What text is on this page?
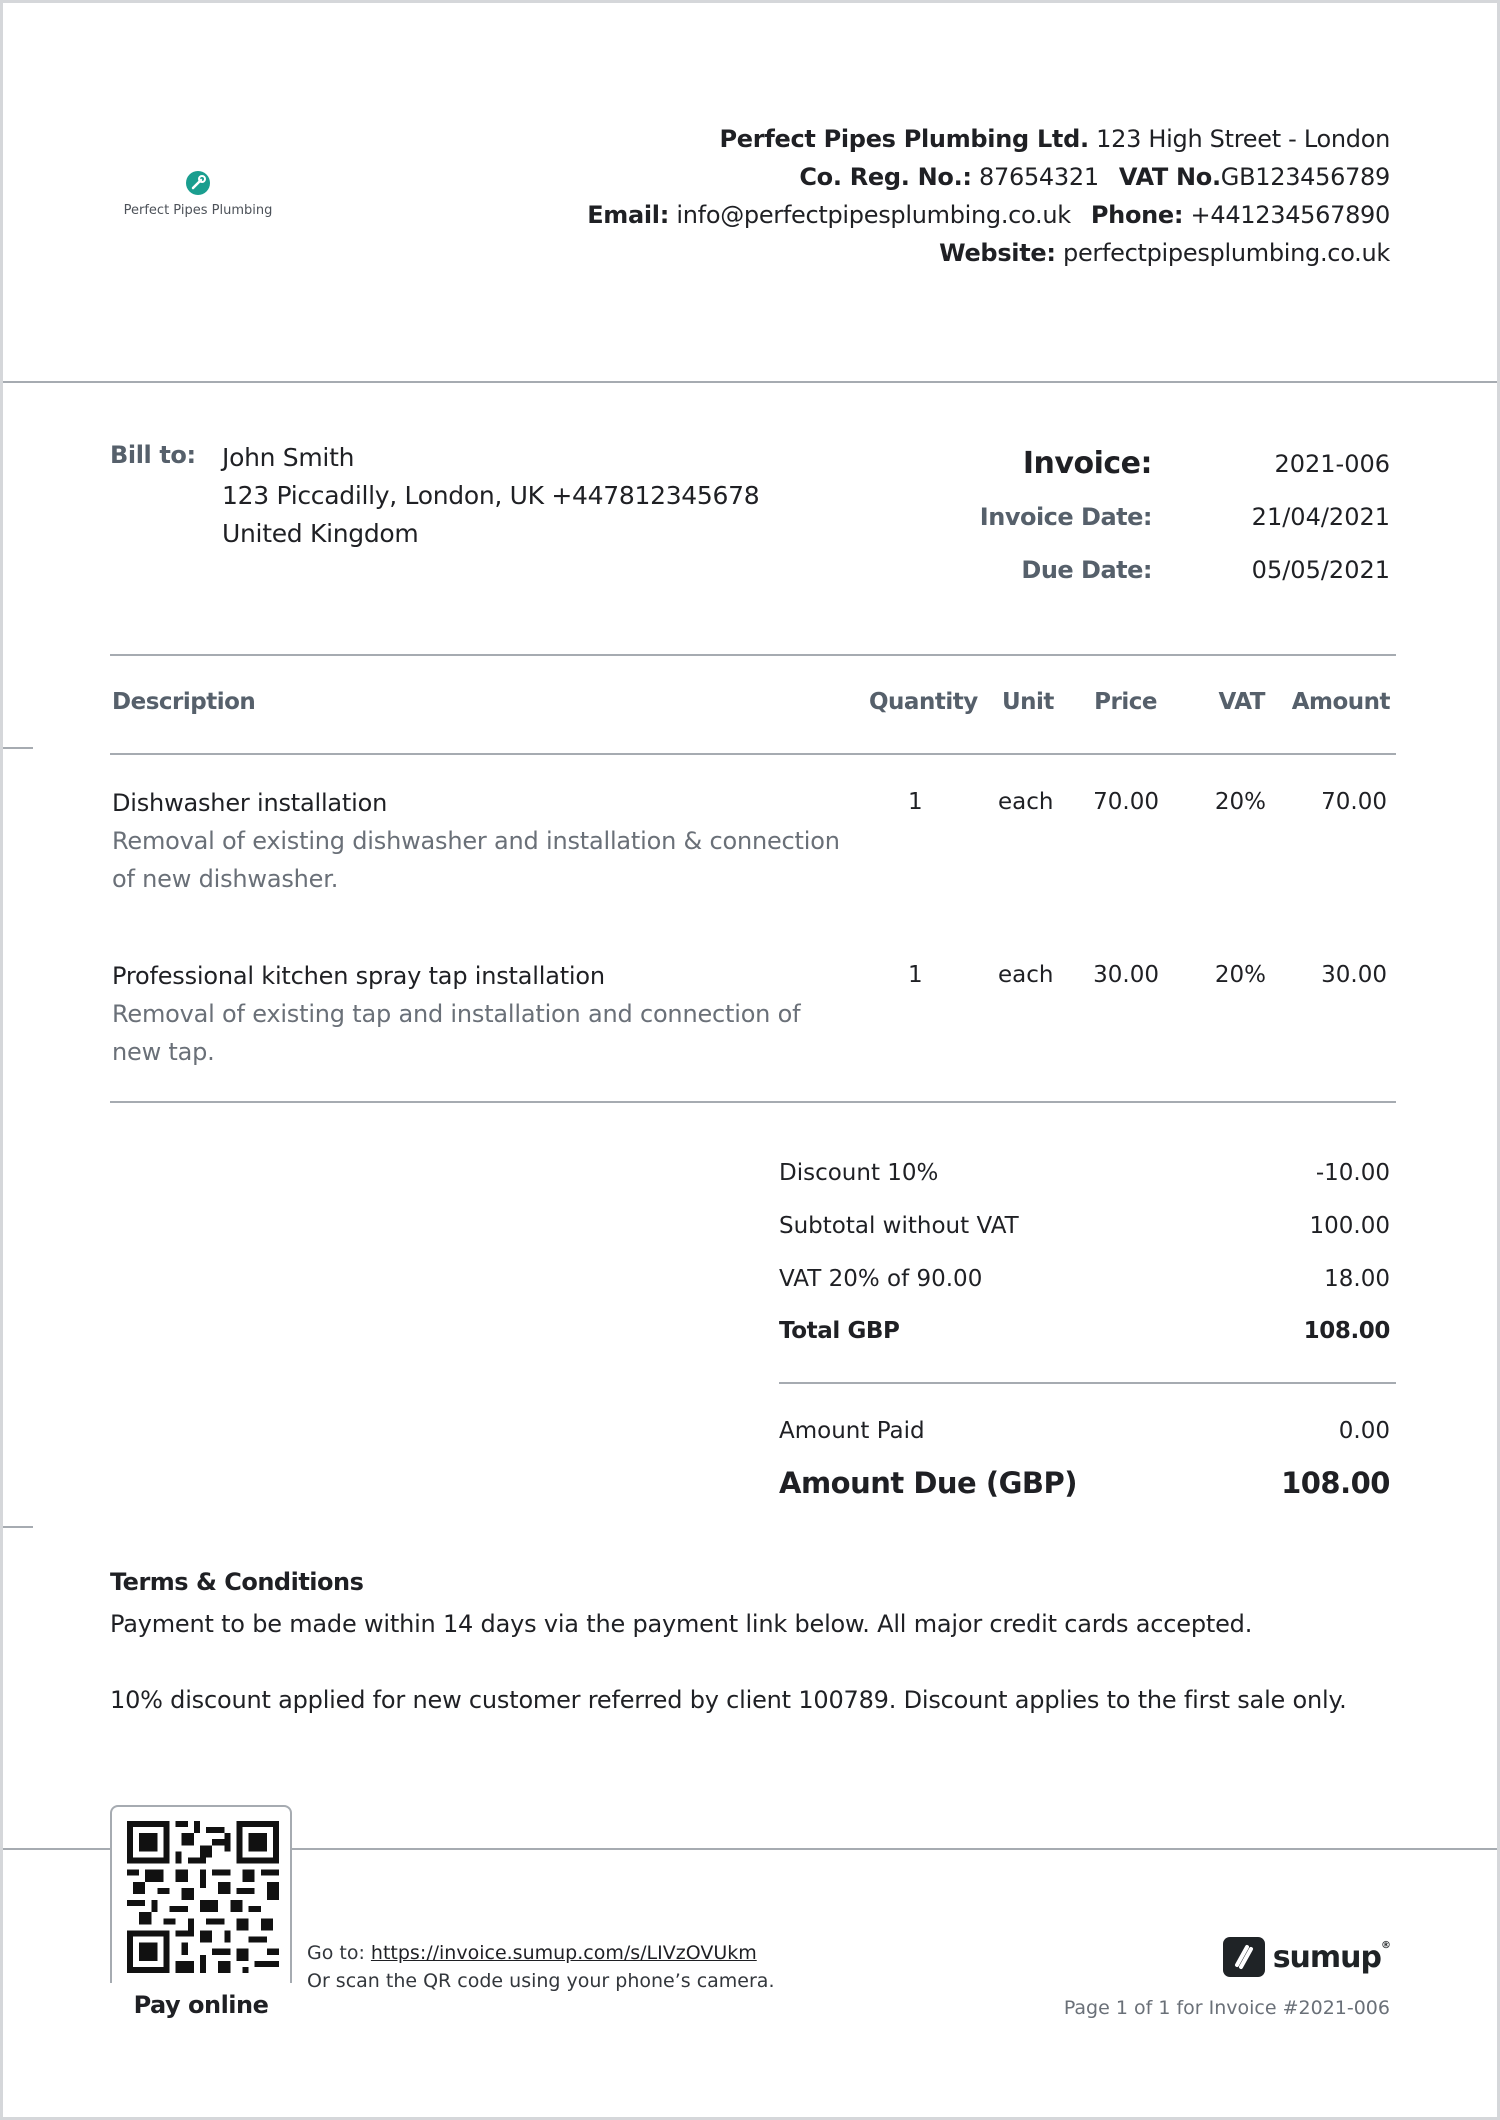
Perfect Pipes Plumbing
Perfect Pipes Plumbing Ltd. 123 High Street - London
Co. Reg. No.: 87654321 VAT No.GB123456789
Email: info@perfectpipesplumbing.co.uk Phone: +441234567890
Website: perfectpipesplumbing.co.uk
Bill to: John Smith
123 Piccadilly, London, UK +447812345678
United Kingdom
Invoice:	2021-006
Invoice Date:	21/04/2021
Due Date:	05/05/2021
Description	Quantity Unit Price	VAT Amount
Dishwasher installation
Removal of existing dishwasher and installation & connection of new dishwasher.
1	each 70.00 20% 70.00
Professional kitchen spray tap installation
Removal of existing tap and installation and connection of new tap.
1	each 30.00 20% 30.00
Discount 10%	-10.00
Subtotal without VAT	100.00
VAT 20% of 90.00	18.00
Total GBP	108.00
Amount Paid	0.00
Amount Due (GBP)	108.00
Terms & Conditions
Payment to be made within 14 days via the payment link below. All major credit cards accepted.
10% discount applied for new customer referred by client 100789. Discount applies to the first sale only.
Pay online
Go to: https://invoice.sumup.com/s/LIVzOVUkm
Or scan the QR code using your phone’s camera.
sumup®
Page 1 of 1 for Invoice #2021-006
